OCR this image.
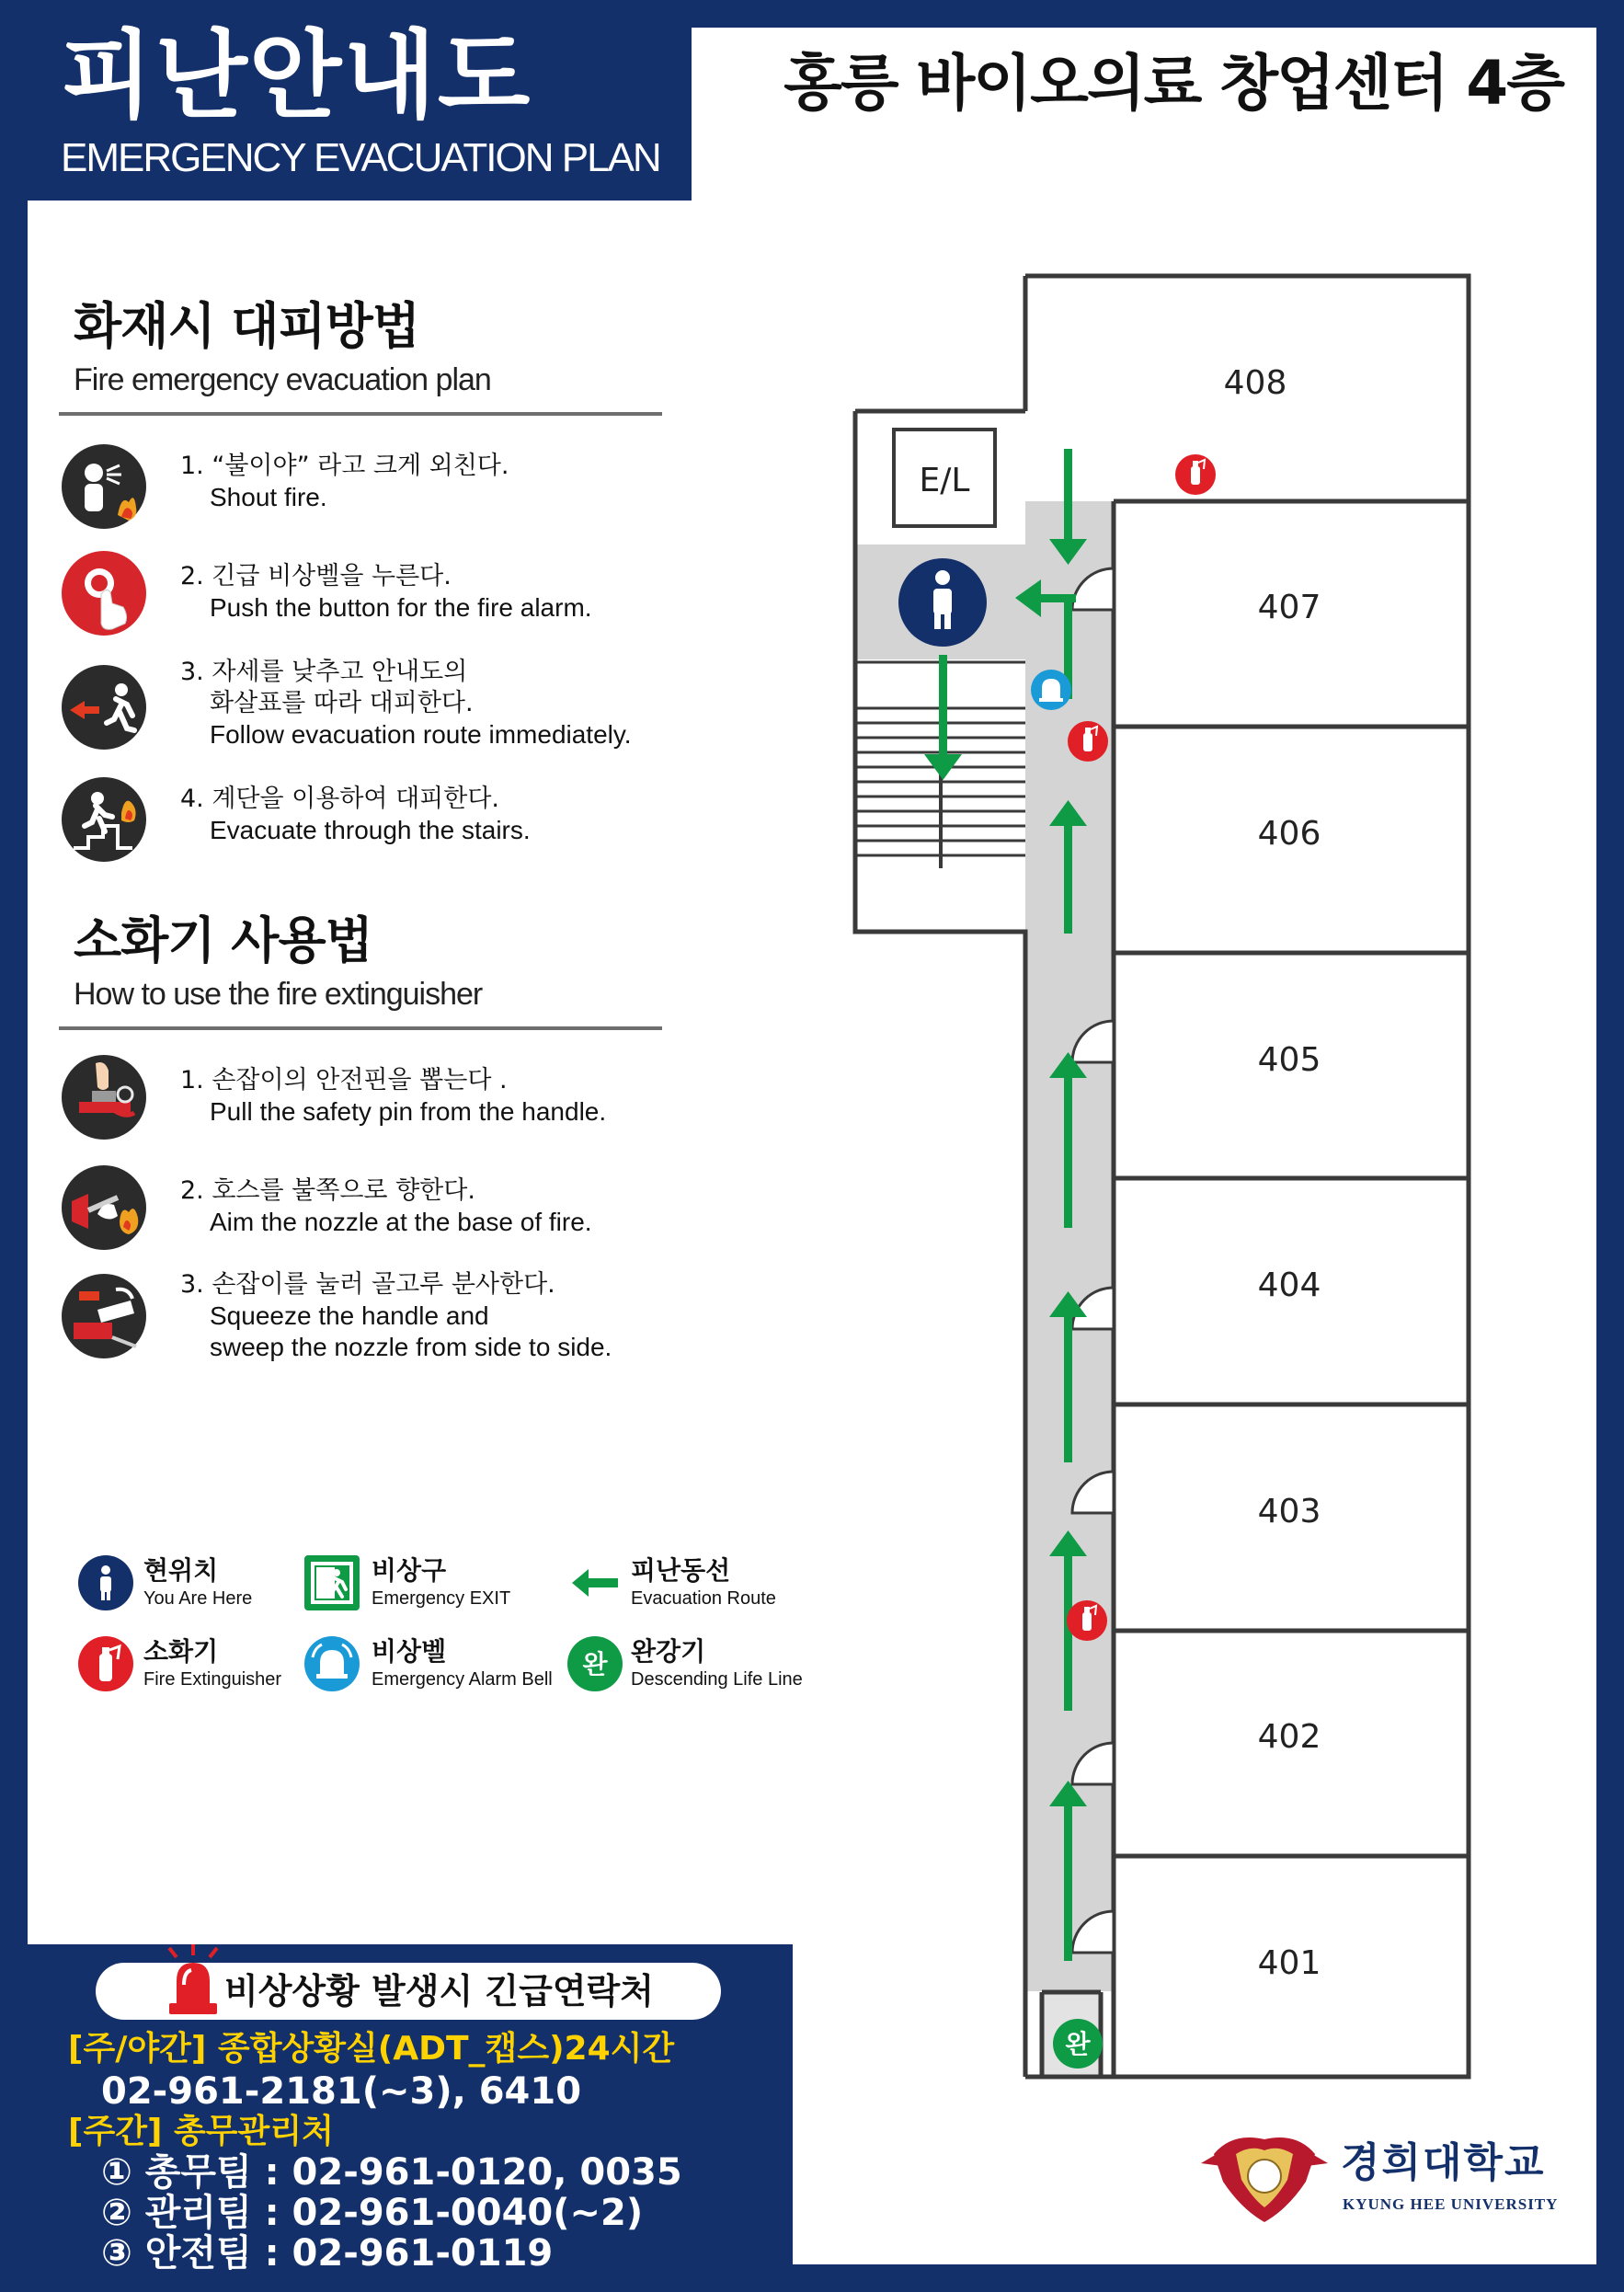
피난안내도
EMERGENCY EVACUATION PLAN
홍릉 바이오의료 창업센터 4층
화재시 대피방법
Fire emergency evacuation plan
1. “불이야” 라고 크게 외친다.
Shout fire.
2. 긴급 비상벨을 누른다.
Push the button for the fire alarm.
3. 자세를 낮추고 안내도의
화살표를 따라 대피한다.
Follow evacuation route immediately.
4. 계단을 이용하여 대피한다.
Evacuate through the stairs.
소화기 사용법
How to use the fire extinguisher
1. 손잡이의 안전핀을 뽑는다 .
Pull the safety pin from the handle.
2. 호스를 불쪽으로 향한다.
Aim the nozzle at the base of fire.
3. 손잡이를 눌러 골고루 분사한다.
Squeeze the handle and
sweep the nozzle from side to side.
현위치
You Are Here
비상구
Emergency EXIT
피난동선
Evacuation Route
소화기
Fire Extinguisher
비상벨
Emergency Alarm Bell 완 완강기
Descending Life Line
E/L
408
407
406
405
404
403
402
401
완
비상상황 발생시 긴급연락처
[주/야간] 종합상황실(ADT_캡스)24시간
02-961-2181(~3), 6410
[주간] 총무관리처
① 총무팀 : 02-961-0120, 0035
② 관리팀 : 02-961-0040(~2)
③ 안전팀 : 02-961-0119
경희대학교
KYUNG HEE UNIVERSITY
